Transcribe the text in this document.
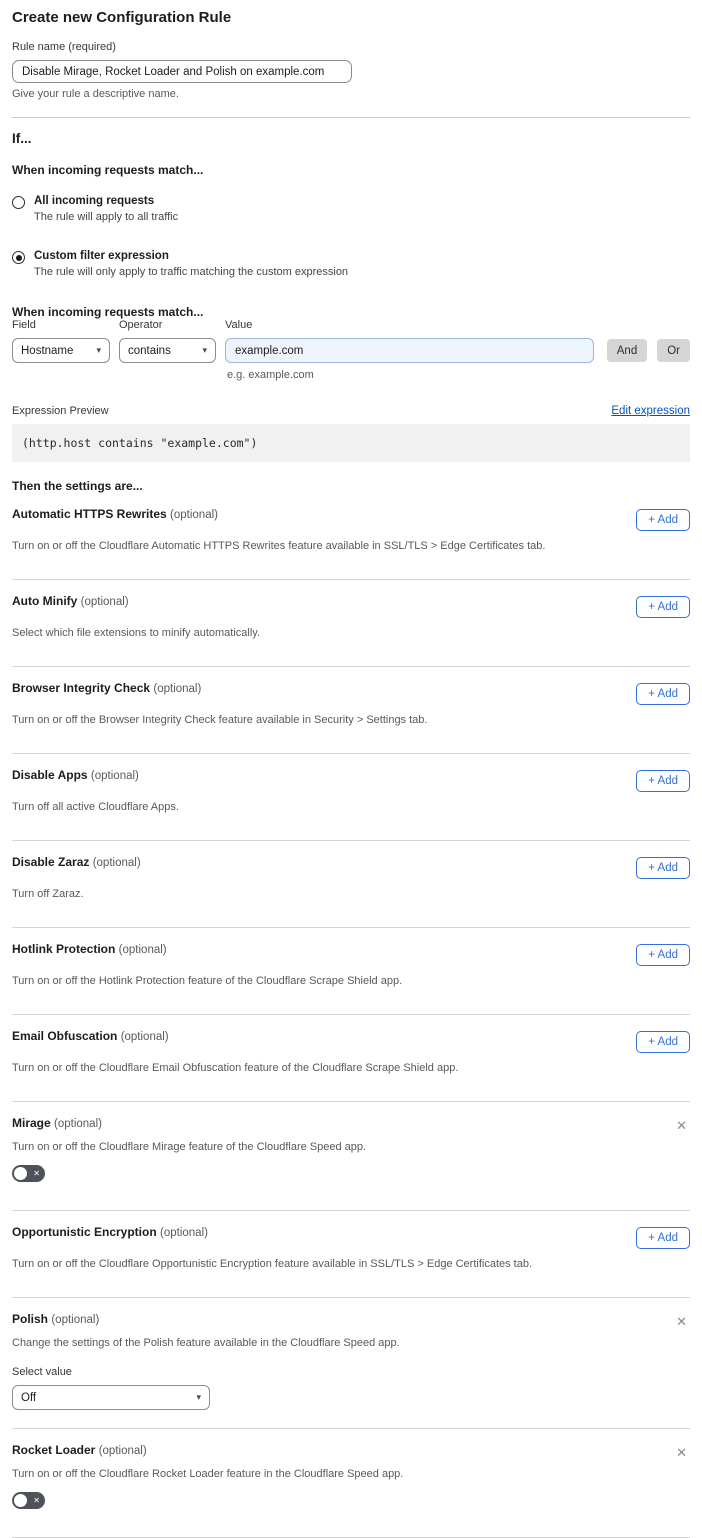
Create new Configuration Rule
Rule name (required)
Disable Mirage, Rocket Loader and Polish on example.com
Give your rule a descriptive name.
If...
When incoming requests match...
All incoming requests
The rule will apply to all traffic
Custom filter expression
The rule will only apply to traffic matching the custom expression
When incoming requests match...
Field
Hostname	▾
Operator
contains	▾
Value
example.com
And	Or
e.g. example.com
Expression Preview	Edit expression
(http.host contains "example.com")
Then the settings are...
Automatic HTTPS Rewrites (optional)	+ Add
Turn on or off the Cloudflare Automatic HTTPS Rewrites feature available in SSL/TLS > Edge Certificates tab.
Auto Minify (optional)	+ Add
Select which file extensions to minify automatically.
Browser Integrity Check (optional)	+ Add
Turn on or off the Browser Integrity Check feature available in Security > Settings tab.
Disable Apps (optional)	+ Add
Turn off all active Cloudflare Apps.
Disable Zaraz (optional)	+ Add
Turn off Zaraz.
Hotlink Protection (optional)	+ Add
Turn on or off the Hotlink Protection feature of the Cloudflare Scrape Shield app.
Email Obfuscation (optional)	+ Add
Turn on or off the Cloudflare Email Obfuscation feature of the Cloudflare Scrape Shield app.
Mirage (optional)	✕
Turn on or off the Cloudflare Mirage feature of the Cloudflare Speed app.
✕
Opportunistic Encryption (optional)	+ Add
Turn on or off the Cloudflare Opportunistic Encryption feature available in SSL/TLS > Edge Certificates tab.
Polish (optional)	✕
Change the settings of the Polish feature available in the Cloudflare Speed app.
Select value
Off	▾
Rocket Loader (optional)	✕
Turn on or off the Cloudflare Rocket Loader feature in the Cloudflare Speed app.
✕
